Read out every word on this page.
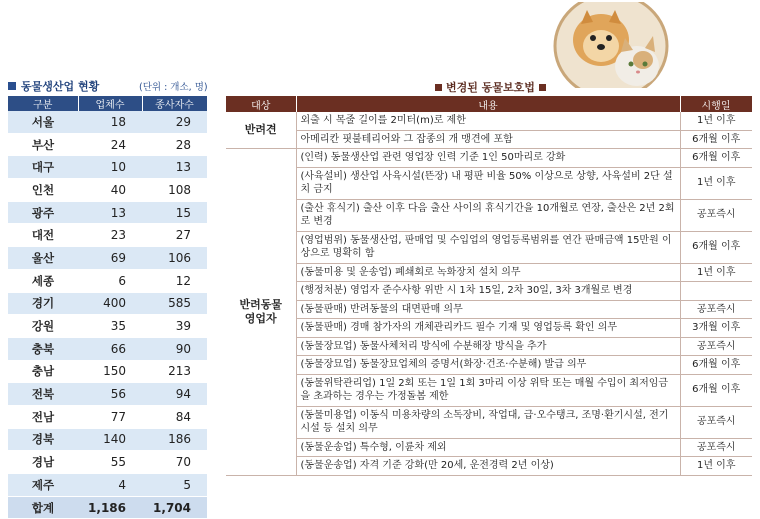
동물생산업 현황	(단위 : 개소, 명)
구분	업체수	종사자수
서울	18	29
부산	24	28
대구	10	13
인천	40	108
광주	13	15
대전	23	27
울산	69	106
세종	6	12
경기	400	585
강원	35	39
충북	66	90
충남	150	213
전북	56	94
전남	77	84
경북	140	186
경남	55	70
제주	4	5
합계	1,186	1,704
변경된 동물보호법
대상	내용	시행일
반려견	외출 시 목줄 길이를 2미터(m)로 제한	1년 이후
	아메리칸 핏불테리어와 그 잡종의 개 맹견에 포함	6개월 이후
반려동물 영업자	(인력) 동물생산업 관련 영업장 인력 기준 1인 50마리로 강화	6개월 이후
	(사육설비) 생산업 사육시설(뜬장) 내 평판 비율 50% 이상으로 상향, 사육설비 2단 설치 금지	1년 이후
	(출산 휴식기) 출산 이후 다음 출산 사이의 휴식기간을 10개월로 연장, 출산은 2년 2회로 변경	공포즉시
	(영업범위) 동물생산업, 판매업 및 수입업의 영업등록범위를 연간 판매금액 15만원 이상으로 명확히 함	6개월 이후
	(동물미용 및 운송업) 폐쇄회로 녹화장치 설치 의무	1년 이후
	(행정처분) 영업자 준수사항 위반 시 1차 15일, 2차 30일, 3차 3개월로 변경	
	(동물판매) 반려동물의 대면판매 의무	공포즉시
	(동물판매) 경매 참가자의 개체관리카드 필수 기재 및 영업등록 확인 의무	3개월 이후
	(동물장묘업) 동물사체처리 방식에 수분해장 방식을 추가	공포즉시
	(동물장묘업) 동물장묘업체의 증명서(화장·건조·수분해) 발급 의무	6개월 이후
	(동물위탁관리업) 1일 2회 또는 1일 1회 3마리 이상 위탁 또는 매월 수입이 최저임금을 초과하는 경우는 가정돌봄 제한	6개월 이후
	(동물미용업) 이동식 미용차량의 소독장비, 작업대, 급·오수탱크, 조명·환기시설, 전기시설 등 설치 의무	공포즉시
	(동물운송업) 특수형, 이륜차 제외	공포즉시
	(동물운송업) 자격 기준 강화(만 20세, 운전경력 2년 이상)	1년 이후
